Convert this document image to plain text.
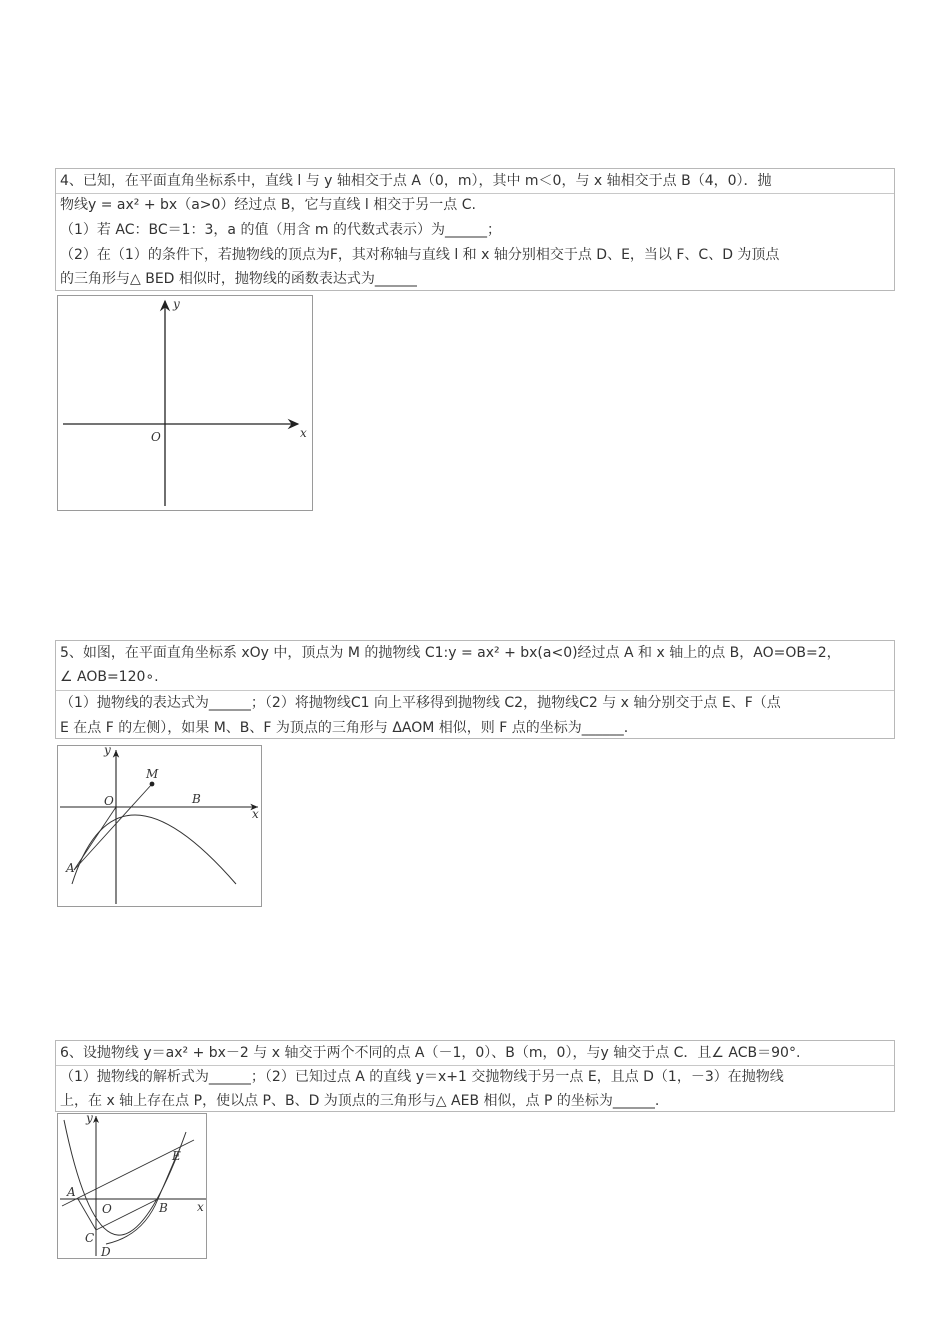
4、已知，在平面直角坐标系中，直线 l 与 y 轴相交于点 A（0，m），其中 m＜0，与 x 轴相交于点 B（4，0）．抛
物线y = ax² + bx（a>0）经过点 B，它与直线 l 相交于另一点 C.
（1）若 AC：BC＝1：3，a 的值（用含 m 的代数式表示）为______；
（2）在（1）的条件下，若抛物线的顶点为F，其对称轴与直线 l 和 x 轴分别相交于点 D、E，当以 F、C、D 为顶点
的三角形与△ BED 相似时，抛物线的函数表达式为______
y
x
O
5、如图，在平面直角坐标系 xOy 中，顶点为 M 的抛物线 C1:y = ax² + bx(a<0)经过点 A 和 x 轴上的点 B，AO=OB=2，
∠ AOB=120∘.
（1）抛物线的表达式为______；（2）将抛物线C1 向上平移得到抛物线 C2，抛物线C2 与 x 轴分别交于点 E、F（点
E 在点 F 的左侧），如果 M、B、F 为顶点的三角形与 ΔAOM 相似，则 F 点的坐标为______.
y
x
O
M
B
A
6、设抛物线 y＝ax² + bx－2 与 x 轴交于两个不同的点 A（－1，0）、B（m，0），与y 轴交于点 C．且∠ ACB＝90°.
（1）抛物线的解析式为______；（2）已知过点 A 的直线 y＝x+1 交抛物线于另一点 E，且点 D（1，－3）在抛物线
上，在 x 轴上存在点 P，使以点 P、B、D 为顶点的三角形与△ AEB 相似，点 P 的坐标为______.
y
x
O
A
B
C
D
E
